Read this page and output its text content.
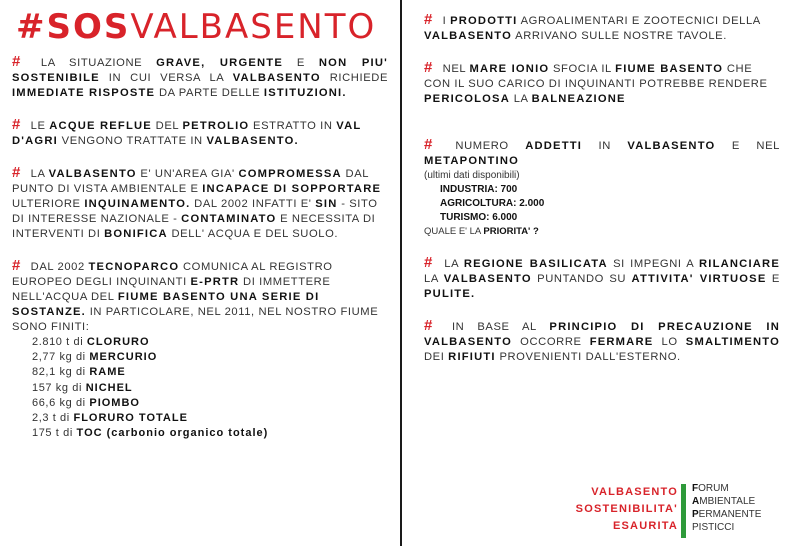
#SOSVALBASENTO

# LA SITUAZIONE GRAVE, URGENTE E NON PIU' SOSTENIBILE IN CUI VERSA LA VALBASENTO RICHIEDE IMMEDIATE RISPOSTE DA PARTE DELLE ISTITUZIONI.

# LE ACQUE REFLUE DEL PETROLIO ESTRATTO IN VAL D'AGRI VENGONO TRATTATE IN VALBASENTO.

# LA VALBASENTO E' UN'AREA GIA' COMPROMESSA DAL PUNTO DI VISTA AMBIENTALE E INCAPACE DI SOPPORTARE ULTERIORE INQUINAMENTO. DAL 2002 INFATTI E' SIN - SITO DI INTERESSE NAZIONALE - CONTAMINATO E NECESSITA DI INTERVENTI DI BONIFICA DELL' ACQUA E DEL SUOLO.

# DAL 2002 TECNOPARCO COMUNICA AL REGISTRO EUROPEO DEGLI INQUINANTI E-PRTR DI IMMETTERE NELL'ACQUA DEL FIUME BASENTO UNA SERIE DI SOSTANZE. IN PARTICOLARE, NEL 2011, NEL NOSTRO FIUME SONO FINITI:

2.810 t di CLORURO
2,77 kg di MERCURIO
82,1 kg di RAME
157 kg di NICHEL
66,6 kg di PIOMBO
2,3 t di FLORURO TOTALE
175 t di TOC (carbonio organico totale)

# I PRODOTTI AGROALIMENTARI E ZOOTECNICI DELLA VALBASENTO ARRIVANO SULLE NOSTRE TAVOLE.

# NEL MARE IONIO SFOCIA IL FIUME BASENTO CHE CON IL SUO CARICO DI INQUINANTI POTREBBE RENDERE PERICOLOSA LA BALNEAZIONE

# NUMERO ADDETTI IN VALBASENTO E NEL METAPONTINO

(ultimi dati disponibili)
INDUSTRIA: 700
AGRICOLTURA: 2.000
TURISMO: 6.000
QUALE E' LA PRIORITA' ?

# LA REGIONE BASILICATA SI IMPEGNI A RILANCIARE LA VALBASENTO PUNTANDO SU ATTIVITA' VIRTUOSE E PULITE.

# IN BASE AL PRINCIPIO DI PRECAUZIONE IN VALBASENTO OCCORRE FERMARE LO SMALTIMENTO DEI RIFIUTI PROVENIENTI DALL'ESTERNO.

VALBASENTO
SOSTENIBILITA'
ESAURITA
FORUM
AMBIENTALE
PERMANENTE
PISTICCI
